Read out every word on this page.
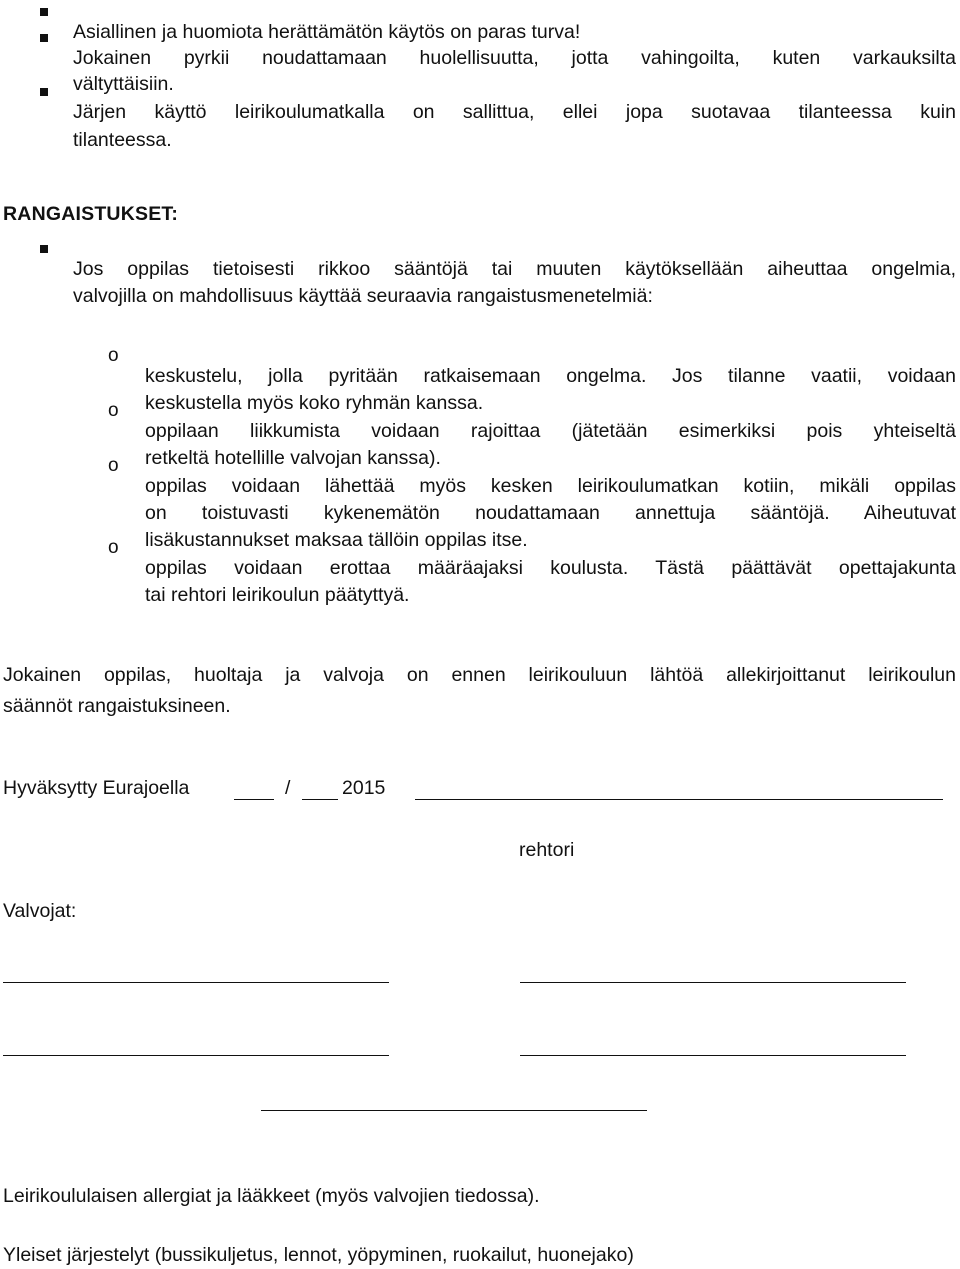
Asiallinen ja huomiota herättämätön käytös on paras turva!

Jokainen pyrkii noudattamaan huolellisuutta, jotta vahingoilta, kuten varkauksilta

vältyttäisiin.

Järjen käyttö leirikoulumatkalla on sallittua, ellei jopa suotavaa tilanteessa kuin

tilanteessa.

RANGAISTUKSET:

Jos oppilas tietoisesti rikkoo sääntöjä tai muuten käytöksellään aiheuttaa ongelmia,

valvojilla on mahdollisuus käyttää seuraavia rangaistusmenetelmiä:

o

keskustelu, jolla pyritään ratkaisemaan ongelma. Jos tilanne vaatii, voidaan

keskustella myös koko ryhmän kanssa.

o

oppilaan liikkumista voidaan rajoittaa (jätetään esimerkiksi pois yhteiseltä

retkeltä hotellille valvojan kanssa).

o

oppilas voidaan lähettää myös kesken leirikoulumatkan kotiin, mikäli oppilas

on toistuvasti kykenemätön noudattamaan annettuja sääntöjä. Aiheutuvat

lisäkustannukset maksaa tällöin oppilas itse.

o

oppilas voidaan erottaa määräajaksi koulusta. Tästä päättävät opettajakunta

tai rehtori leirikoulun päätyttyä.

Jokainen oppilas, huoltaja ja valvoja on ennen leirikouluun lähtöä allekirjoittanut leirikoulun

säännöt rangaistuksineen.

Hyväksytty Eurajoella	/	2015
rehtori
Valvojat:

Leirikoululaisen allergiat ja lääkkeet (myös valvojien tiedossa).

Yleiset järjestelyt (bussikuljetus, lennot, yöpyminen, ruokailut, huonejako)
